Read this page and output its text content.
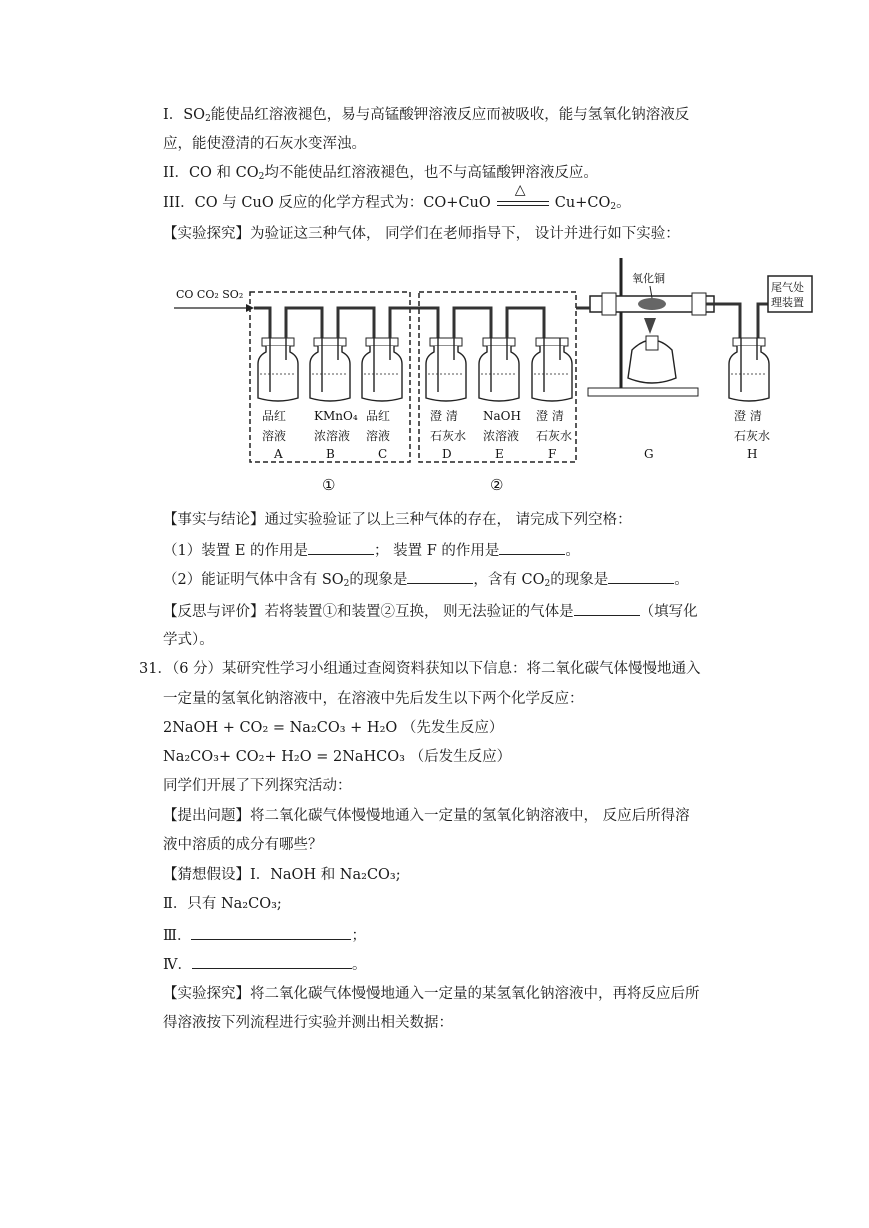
I．$SO_2$能使品红溶液褪色，易与高锰酸钾溶液反应而被吸收，能与氢氧化钠溶液反
应，能使澄清的石灰水变浑浊。
II．CO 和 $CO_2$均不能使品红溶液褪色，也不与高锰酸钾溶液反应。
III．CO 与 CuO 反应的化学方程式为：CO+CuO
△
$Cu+CO_2$。
【实验探究】为验证这三种气体， 同学们在老师指导下， 设计并进行如下实验：
CO CO₂ SO₂
品红
溶液
A
KMnO₄
浓溶液
B
品红
溶液
C
澄 清
石灰水
D
NaOH
浓溶液
E
澄 清
石灰水
F
氧化铜
尾气处
理装置
G
澄 清
石灰水
H
①	②
【事实与结论】通过实验验证了以上三种气体的存在， 请完成下列空格：
（1）装置 E 的作用是	； 装置 F 的作用是	。
（2）能证明气体中含有 $SO_2$的现象是	，含有 $CO_2$的现象是	。
【反思与评价】若将装置①和装置②互换， 则无法验证的气体是	（填写化
学式）。
31．（6 分）某研究性学习小组通过查阅资料获知以下信息：将二氧化碳气体慢慢地通入
一定量的氢氧化钠溶液中，在溶液中先后发生以下两个化学反应：
2NaOH + CO₂ = Na₂CO₃ + H₂O （先发生反应）
Na₂CO₃+ CO₂+ H₂O = 2NaHCO₃ （后发生反应）
同学们开展了下列探究活动：
【提出问题】将二氧化碳气体慢慢地通入一定量的氢氧化钠溶液中， 反应后所得溶
液中溶质的成分有哪些？
【猜想假设】Ⅰ．NaOH 和 Na₂CO₃;
Ⅱ．只有 Na₂CO₃;
Ⅲ．	；
Ⅳ．	。
【实验探究】将二氧化碳气体慢慢地通入一定量的某氢氧化钠溶液中，再将反应后所
得溶液按下列流程进行实验并测出相关数据：
